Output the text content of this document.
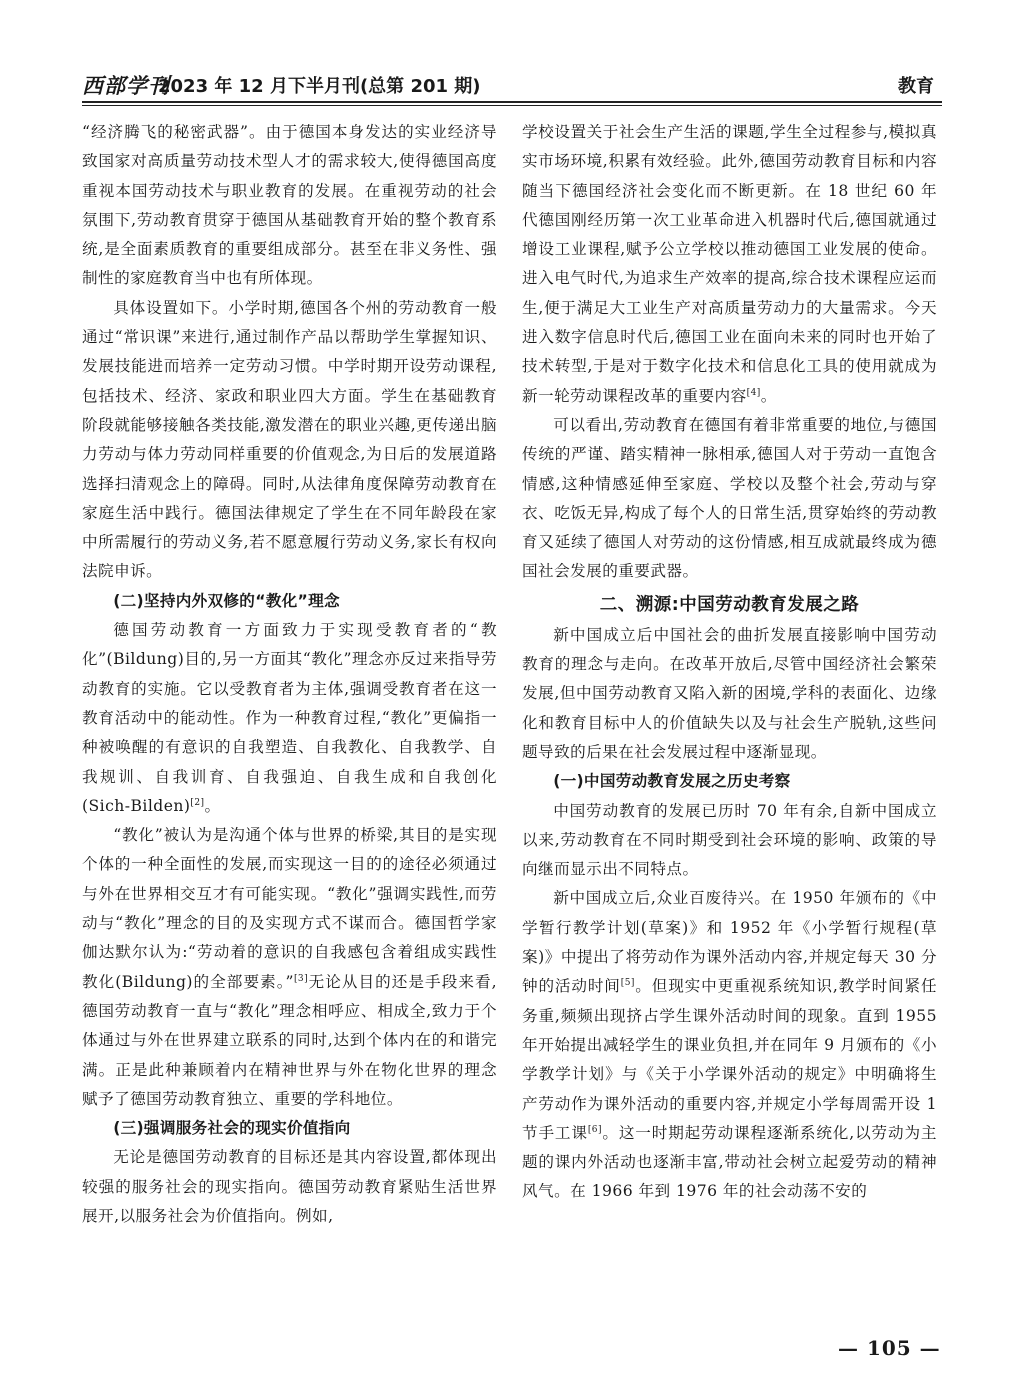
西部学刊
2023 年 12 月下半月刊(总第 201 期)	教育

“经济腾飞的秘密武器”。由于德国本身发达的实业经济导致国家对高质量劳动技术型人才的需求较大,使得德国高度重视本国劳动技术与职业教育的发展。在重视劳动的社会氛围下,劳动教育贯穿于德国从基础教育开始的整个教育系统,是全面素质教育的重要组成部分。甚至在非义务性、强制性的家庭教育当中也有所体现。

具体设置如下。小学时期,德国各个州的劳动教育一般通过“常识课”来进行,通过制作产品以帮助学生掌握知识、发展技能进而培养一定劳动习惯。中学时期开设劳动课程,包括技术、经济、家政和职业四大方面。学生在基础教育阶段就能够接触各类技能,激发潜在的职业兴趣,更传递出脑力劳动与体力劳动同样重要的价值观念,为日后的发展道路选择扫清观念上的障碍。同时,从法律角度保障劳动教育在家庭生活中践行。德国法律规定了学生在不同年龄段在家中所需履行的劳动义务,若不愿意履行劳动义务,家长有权向法院申诉。

(二)坚持内外双修的“教化”理念

德国劳动教育一方面致力于实现受教育者的“教化”(Bildung)目的,另一方面其“教化”理念亦反过来指导劳动教育的实施。它以受教育者为主体,强调受教育者在这一教育活动中的能动性。作为一种教育过程,“教化”更偏指一种被唤醒的有意识的自我塑造、自我教化、自我教学、自我规训、自我训育、自我强迫、自我生成和自我创化(Sich-Bilden)[2]。

“教化”被认为是沟通个体与世界的桥梁,其目的是实现个体的一种全面性的发展,而实现这一目的的途径必须通过与外在世界相交互才有可能实现。“教化”强调实践性,而劳动与“教化”理念的目的及实现方式不谋而合。德国哲学家伽达默尔认为:“劳动着的意识的自我感包含着组成实践性教化(Bildung)的全部要素。”[3]无论从目的还是手段来看,德国劳动教育一直与“教化”理念相呼应、相成全,致力于个体通过与外在世界建立联系的同时,达到个体内在的和谐完满。正是此种兼顾着内在精神世界与外在物化世界的理念赋予了德国劳动教育独立、重要的学科地位。

(三)强调服务社会的现实价值指向

无论是德国劳动教育的目标还是其内容设置,都体现出较强的服务社会的现实指向。德国劳动教育紧贴生活世界展开,以服务社会为价值指向。例如,

学校设置关于社会生产生活的课题,学生全过程参与,模拟真实市场环境,积累有效经验。此外,德国劳动教育目标和内容随当下德国经济社会变化而不断更新。在 18 世纪 60 年代德国刚经历第一次工业革命进入机器时代后,德国就通过增设工业课程,赋予公立学校以推动德国工业发展的使命。进入电气时代,为追求生产效率的提高,综合技术课程应运而生,便于满足大工业生产对高质量劳动力的大量需求。今天进入数字信息时代后,德国工业在面向未来的同时也开始了技术转型,于是对于数字化技术和信息化工具的使用就成为新一轮劳动课程改革的重要内容[4]。

可以看出,劳动教育在德国有着非常重要的地位,与德国传统的严谨、踏实精神一脉相承,德国人对于劳动一直饱含情感,这种情感延伸至家庭、学校以及整个社会,劳动与穿衣、吃饭无异,构成了每个人的日常生活,贯穿始终的劳动教育又延续了德国人对劳动的这份情感,相互成就最终成为德国社会发展的重要武器。

二、溯源:中国劳动教育发展之路

新中国成立后中国社会的曲折发展直接影响中国劳动教育的理念与走向。在改革开放后,尽管中国经济社会繁荣发展,但中国劳动教育又陷入新的困境,学科的表面化、边缘化和教育目标中人的价值缺失以及与社会生产脱轨,这些问题导致的后果在社会发展过程中逐渐显现。

(一)中国劳动教育发展之历史考察

中国劳动教育的发展已历时 70 年有余,自新中国成立以来,劳动教育在不同时期受到社会环境的影响、政策的导向继而显示出不同特点。

新中国成立后,众业百废待兴。在 1950 年颁布的《中学暂行教学计划(草案)》和 1952 年《小学暂行规程(草案)》中提出了将劳动作为课外活动内容,并规定每天 30 分钟的活动时间[5]。但现实中更重视系统知识,教学时间紧任务重,频频出现挤占学生课外活动时间的现象。直到 1955 年开始提出减轻学生的课业负担,并在同年 9 月颁布的《小学教学计划》与《关于小学课外活动的规定》中明确将生产劳动作为课外活动的重要内容,并规定小学每周需开设 1 节手工课[6]。这一时期起劳动课程逐渐系统化,以劳动为主题的课内外活动也逐渐丰富,带动社会树立起爱劳动的精神风气。在 1966 年到 1976 年的社会动荡不安的

— 105 —
